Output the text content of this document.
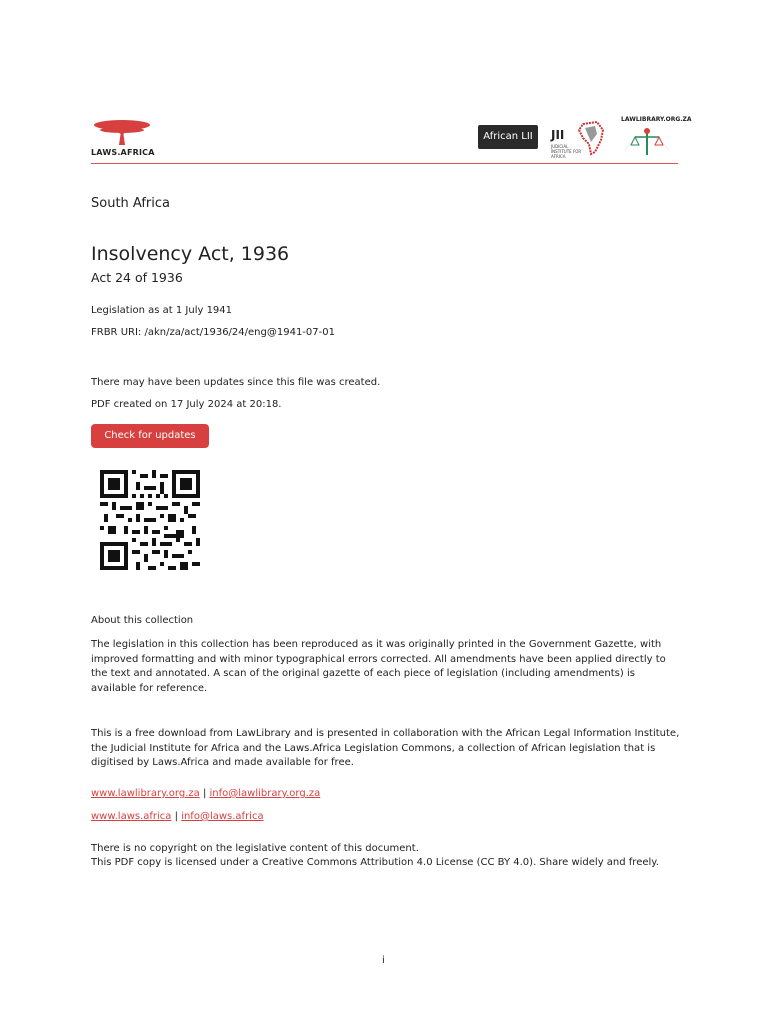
LAWS.AFRICA
African LII	JII
JUDICIAL INSTITUTE FOR AFRICA
LAWLIBRARY.ORG.ZA
South Africa
Insolvency Act, 1936
Act 24 of 1936
Legislation as at 1 July 1941
FRBR URI: /akn/za/act/1936/24/eng@1941-07-01
There may have been updates since this file was created.
PDF created on 17 July 2024 at 20:18.
Check for updates
About this collection
The legislation in this collection has been reproduced as it was originally printed in the Government Gazette, with improved formatting and with minor typographical errors corrected. All amendments have been applied directly to the text and annotated. A scan of the original gazette of each piece of legislation (including amendments) is available for reference.
This is a free download from LawLibrary and is presented in collaboration with the African Legal Information Institute, the Judicial Institute for Africa and the Laws.Africa Legislation Commons, a collection of African legislation that is digitised by Laws.Africa and made available for free.
www.lawlibrary.org.za | info@lawlibrary.org.za
www.laws.africa | info@laws.africa
There is no copyright on the legislative content of this document.
This PDF copy is licensed under a Creative Commons Attribution 4.0 License (CC BY 4.0). Share widely and freely.
i
